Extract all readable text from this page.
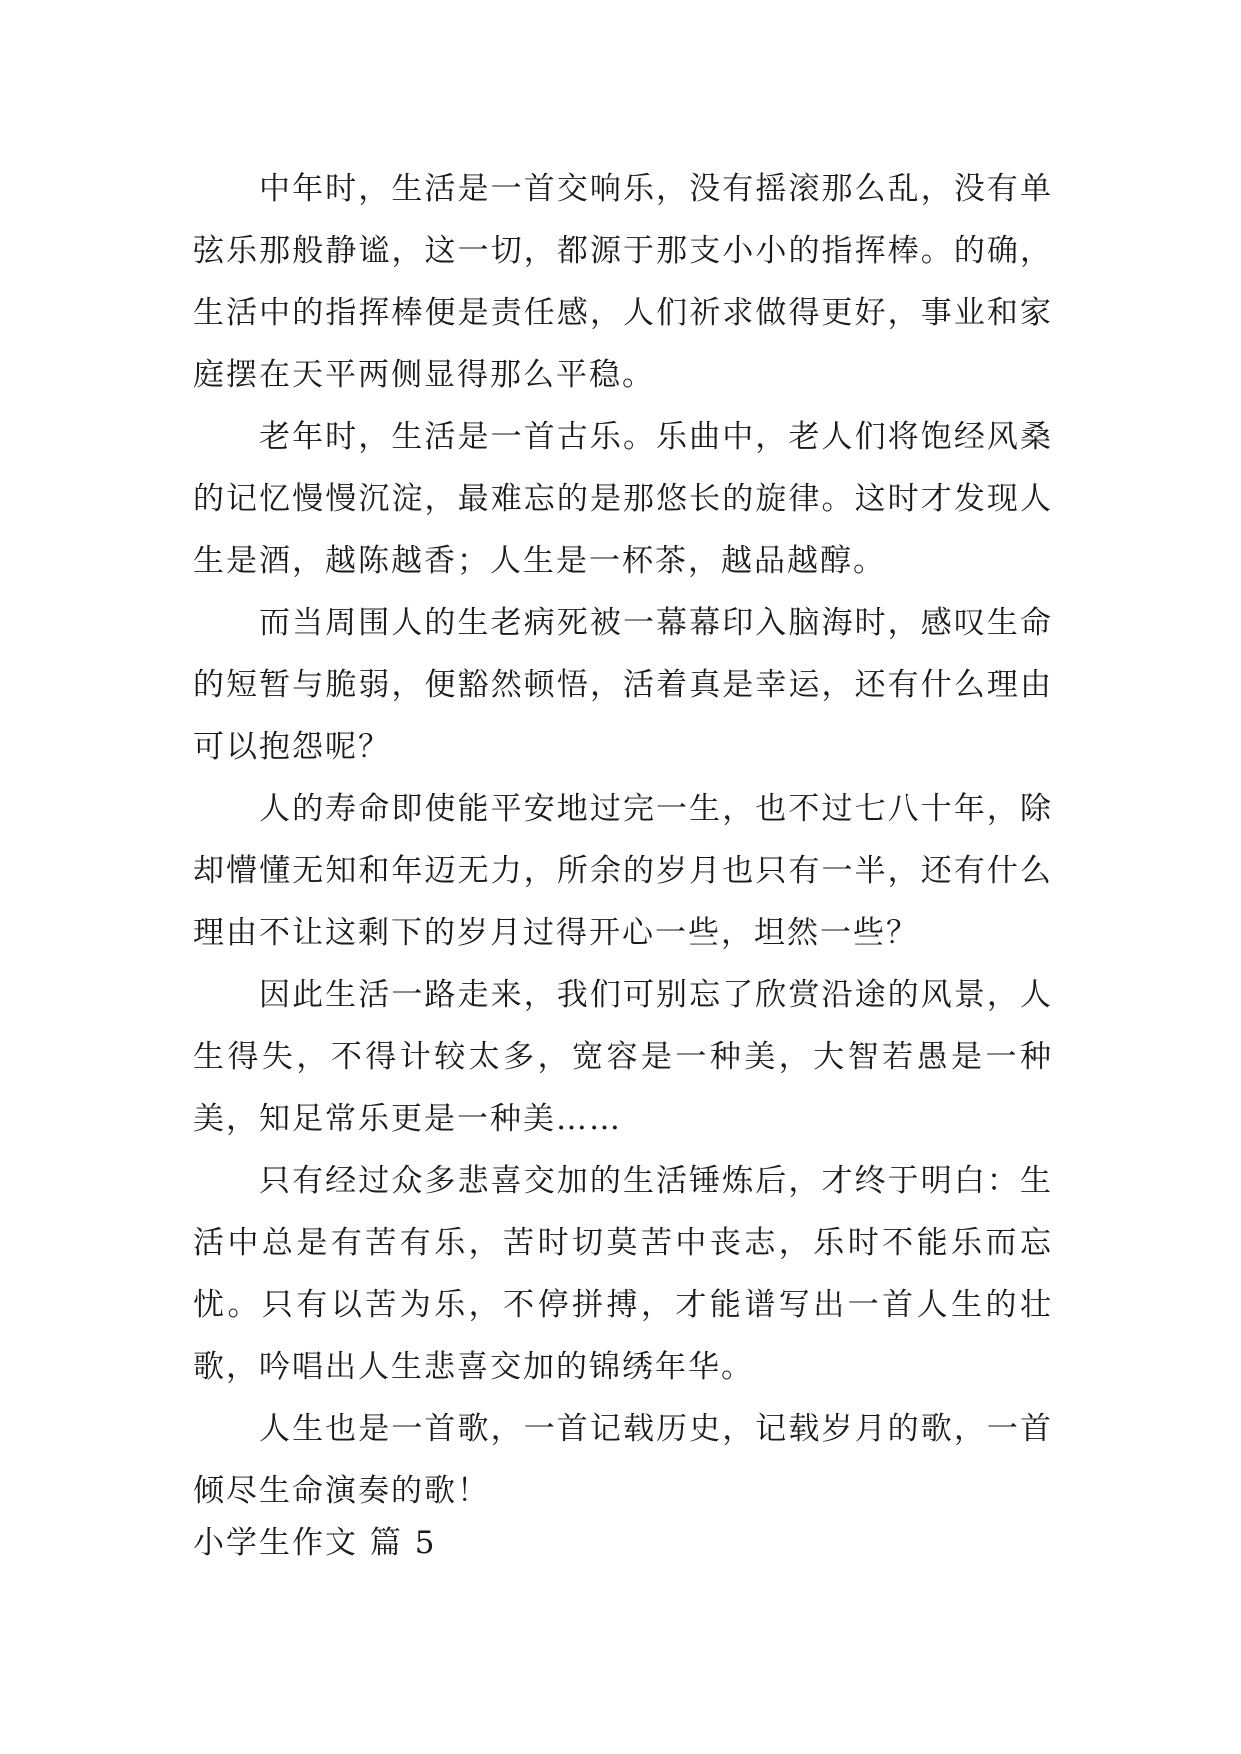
中年时，生活是一首交响乐，没有摇滚那么乱，没有单弦乐那般静谧，这一切，都源于那支小小的指挥棒。的确，生活中的指挥棒便是责任感，人们祈求做得更好，事业和家庭摆在天平两侧显得那么平稳。

老年时，生活是一首古乐。乐曲中，老人们将饱经风桑的记忆慢慢沉淀，最难忘的是那悠长的旋律。这时才发现人生是酒，越陈越香；人生是一杯茶，越品越醇。

而当周围人的生老病死被一幕幕印入脑海时，感叹生命的短暂与脆弱，便豁然顿悟，活着真是幸运，还有什么理由可以抱怨呢？

人的寿命即使能平安地过完一生，也不过七八十年，除却懵懂无知和年迈无力，所余的岁月也只有一半，还有什么理由不让这剩下的岁月过得开心一些，坦然一些？

因此生活一路走来，我们可别忘了欣赏沿途的风景，人生得失，不得计较太多，宽容是一种美，大智若愚是一种美，知足常乐更是一种美……

只有经过众多悲喜交加的生活锤炼后，才终于明白：生活中总是有苦有乐，苦时切莫苦中丧志，乐时不能乐而忘忧。只有以苦为乐，不停拼搏，才能谱写出一首人生的壮歌，吟唱出人生悲喜交加的锦绣年华。

人生也是一首歌，一首记载历史，记载岁月的歌，一首倾尽生命演奏的歌！

小学生作文 篇 5
